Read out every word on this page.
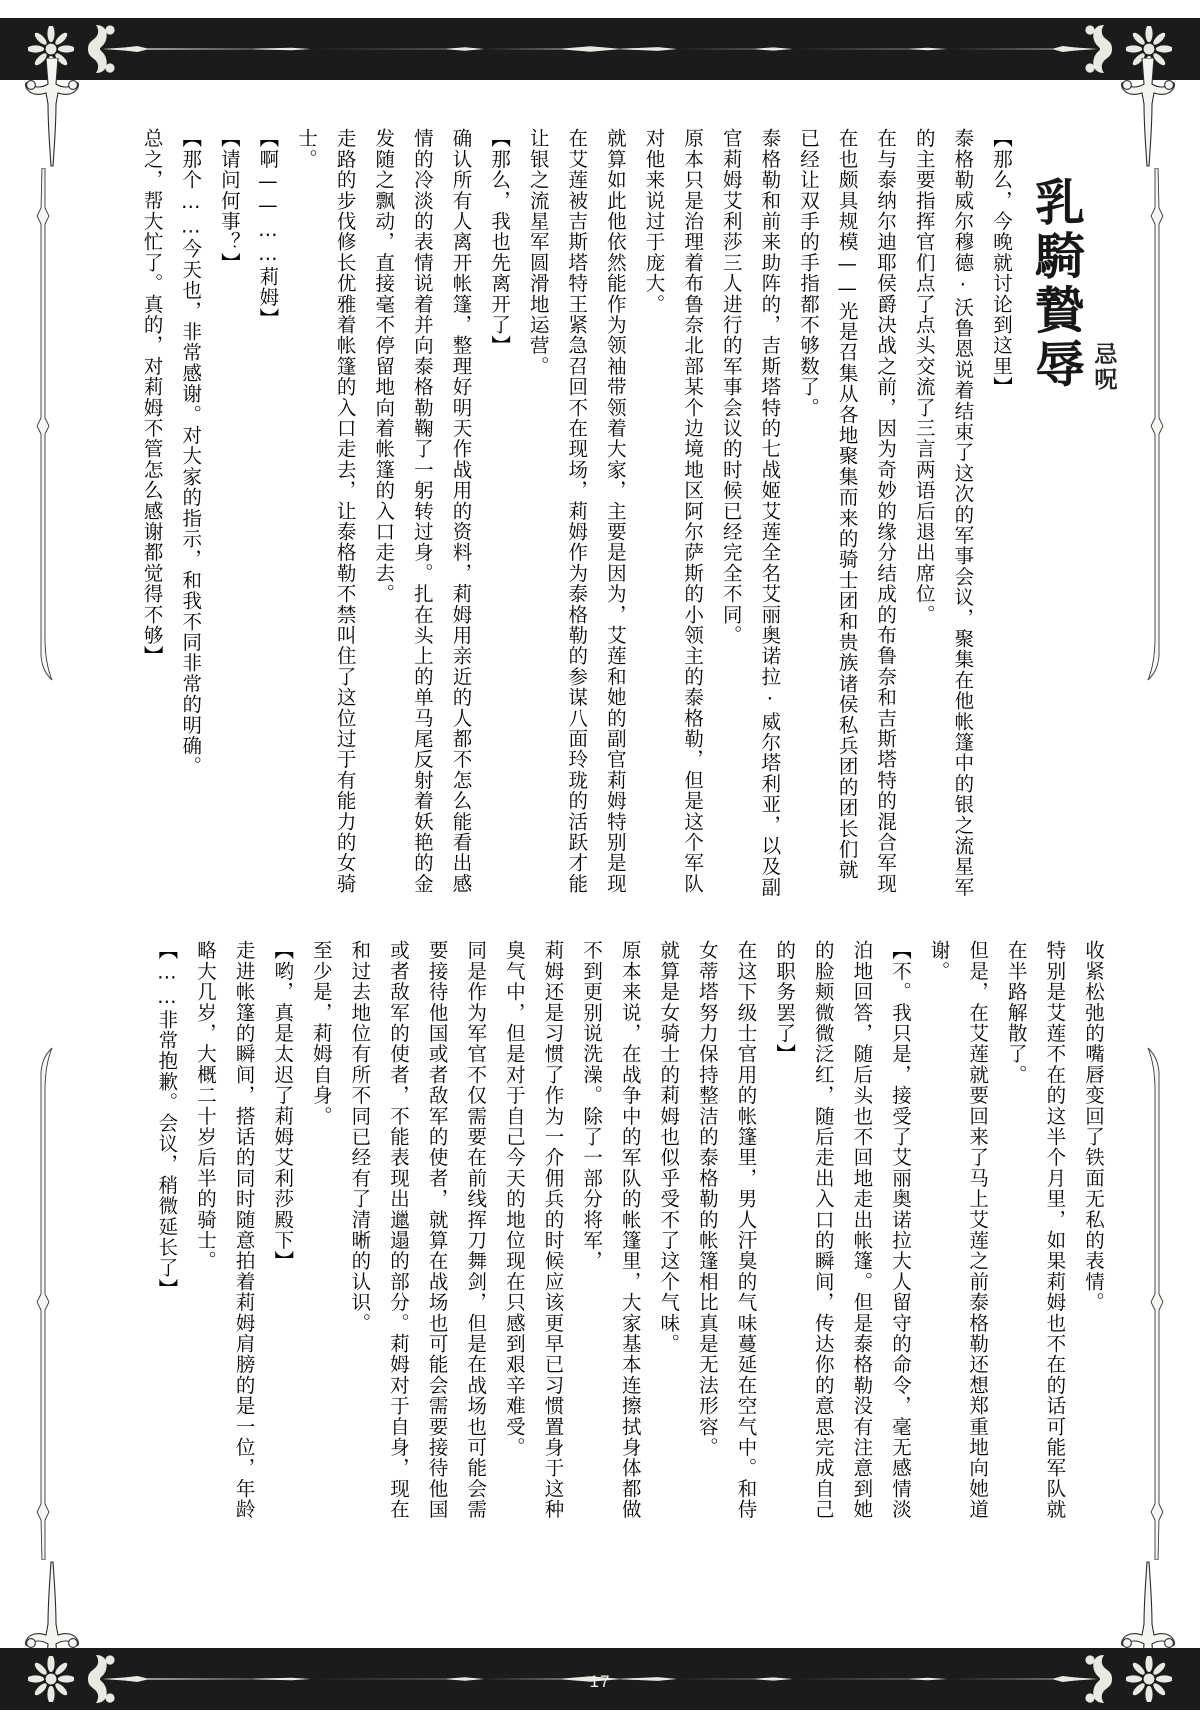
乳騎贄辱 忌呪

【那么，今晚就讨论到这里】

泰格勒威尔穆德·沃鲁恩说着结束了这次的军事会议，聚集在他帐篷中的银之流星军的主要指挥官们点了点头交流了三言两语后退出席位。

在与泰纳尔迪耶侯爵决战之前，因为奇妙的缘分结成的布鲁奈和吉斯塔特的混合军现在也颇具规模——光是召集从各地聚集而来的骑士团和贵族诸侯私兵团的团长们就已经让双手的手指都不够数了。

泰格勒和前来助阵的，吉斯塔特的七战姬艾莲全名艾丽奥诺拉·威尔塔利亚，以及副官莉姆艾利莎三人进行的军事会议的时候已经完全不同。

原本只是治理着布鲁奈北部某个边境地区阿尔萨斯的小领主的泰格勒，但是这个军队对他来说过于庞大。

就算如此他依然能作为领袖带领着大家，主要是因为，艾莲和她的副官莉姆特别是现在艾莲被吉斯塔特王紧急召回不在现场，莉姆作为泰格勒的参谋八面玲珑的活跃才能让银之流星军圆滑地运营。

【那么，我也先离开了】

确认所有人离开帐篷，整理好明天作战用的资料，莉姆用亲近的人都不怎么能看出感情的冷淡的表情说着并向泰格勒鞠了一躬转过身。扎在头上的单马尾反射着妖艳的金发随之飘动，直接毫不停留地向着帐篷的入口走去。

走路的步伐修长优雅着帐篷的入口走去，让泰格勒不禁叫住了这位过于有能力的女骑士。

【啊——……莉姆】

【请问何事？】

【那个……今天也，非常感谢。对大家的指示，和我不同非常的明确。

总之，帮大忙了。真的，对莉姆不管怎么感谢都觉得不够】

收紧松弛的嘴唇变回了铁面无私的表情。

特别是艾莲不在的这半个月里，如果莉姆也不在的话可能军队就在半路解散了。

但是，在艾莲就要回来了马上艾莲之前泰格勒还想郑重地向她道谢。

【不。我只是，接受了艾丽奥诺拉大人留守的命令，毫无感情淡泊地回答，随后头也不回地走出帐篷。但是泰格勒没有注意到她的脸颊微微泛红，随后走出入口的瞬间，传达你的意思完成自己的职务罢了】

在这下级士官用的帐篷里，男人汗臭的气味蔓延在空气中。和侍女蒂塔努力保持整洁的泰格勒的帐篷相比真是无法形容。

就算是女骑士的莉姆也似乎受不了这个气味。

原本来说，在战争中的军队的帐篷里，大家基本连擦拭身体都做不到更别说洗澡。除了一部分将军，

莉姆还是习惯了作为一介佣兵的时候应该更早已习惯置身于这种臭气中，但是对于自己今天的地位现在只感到艰辛难受。

同是作为军官不仅需要在前线挥刀舞剑，但是在战场也可能会需要接待他国或者敌军的使者，就算在战场也可能会需要接待他国或者敌军的使者，不能表现出邋遢的部分。莉姆对于自身，现在和过去地位有所不同已经有了清晰的认识。

至少是，莉姆自身。

【哟，真是太迟了莉姆艾利莎殿下】

走进帐篷的瞬间，搭话的同时随意拍着莉姆肩膀的是一位，年龄略大几岁，大概二十岁后半的骑士。

【……非常抱歉。会议，稍微延长了】

17
